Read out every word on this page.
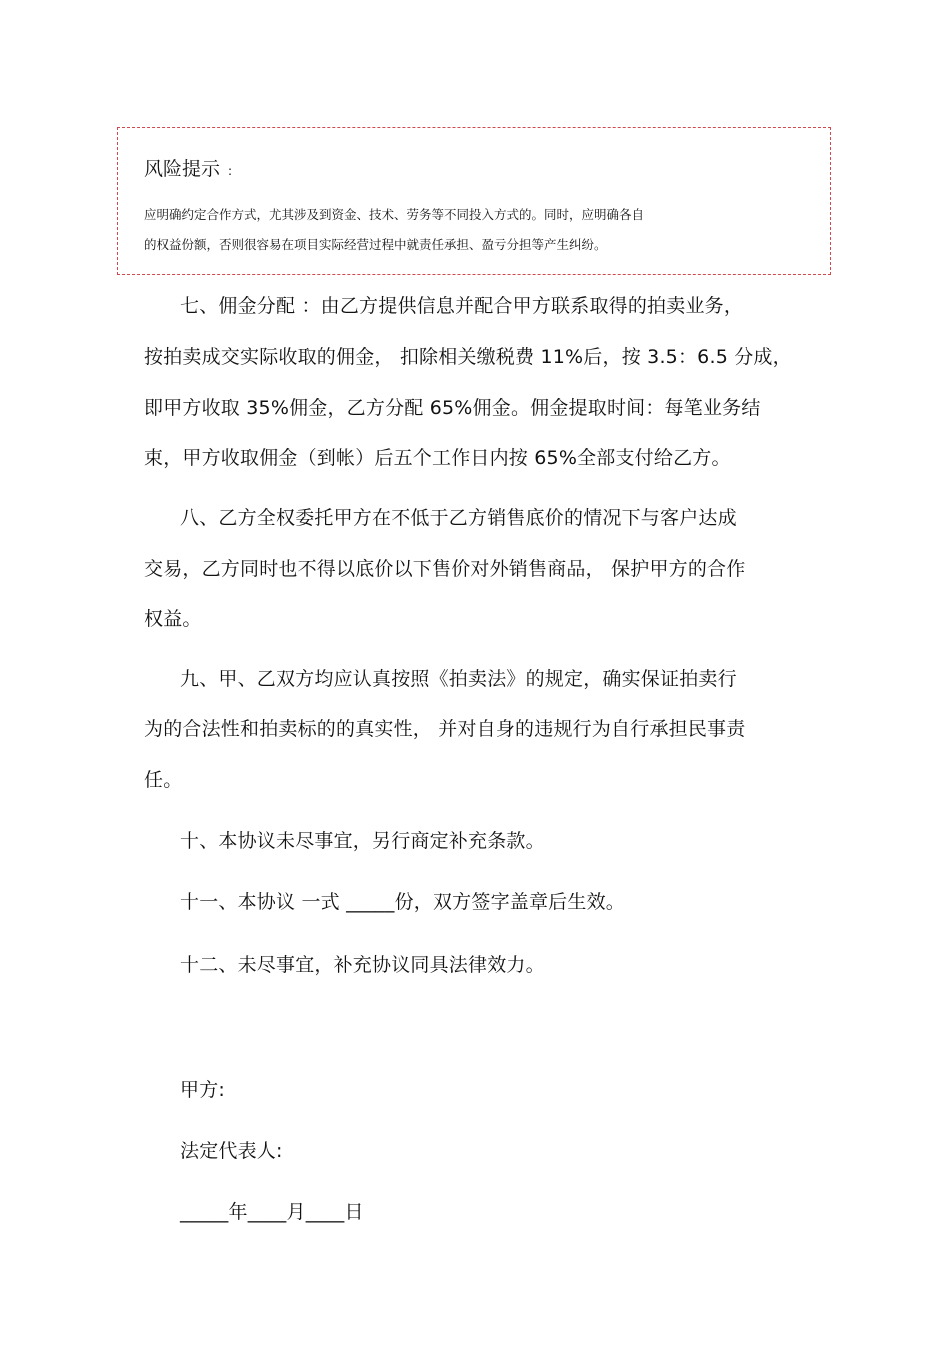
风险提示 :
应明确约定合作方式，尤其涉及到资金、技术、劳务等不同投入方式的。同时，应明确各自
的权益份额，否则很容易在项目实际经营过程中就责任承担、盈亏分担等产生纠纷。
七、佣金分配 ：由乙方提供信息并配合甲方联系取得的拍卖业务，
按拍卖成交实际收取的佣金， 扣除相关缴税费 11%后，按 3.5：6.5 分成，
即甲方收取 35%佣金，乙方分配 65%佣金。佣金提取时间：每笔业务结
束，甲方收取佣金（到帐）后五个工作日内按 65%全部支付给乙方。
八、乙方全权委托甲方在不低于乙方销售底价的情况下与客户达成
交易，乙方同时也不得以底价以下售价对外销售商品， 保护甲方的合作
权益。
九、甲、乙双方均应认真按照《拍卖法》的规定，确实保证拍卖行
为的合法性和拍卖标的的真实性， 并对自身的违规行为自行承担民事责
任。
十、本协议未尽事宜，另行商定补充条款。
十一、本协议 一式 _____份，双方签字盖章后生效。
十二、未尽事宜，补充协议同具法律效力。
甲方:
法定代表人:
_____年____月____日
